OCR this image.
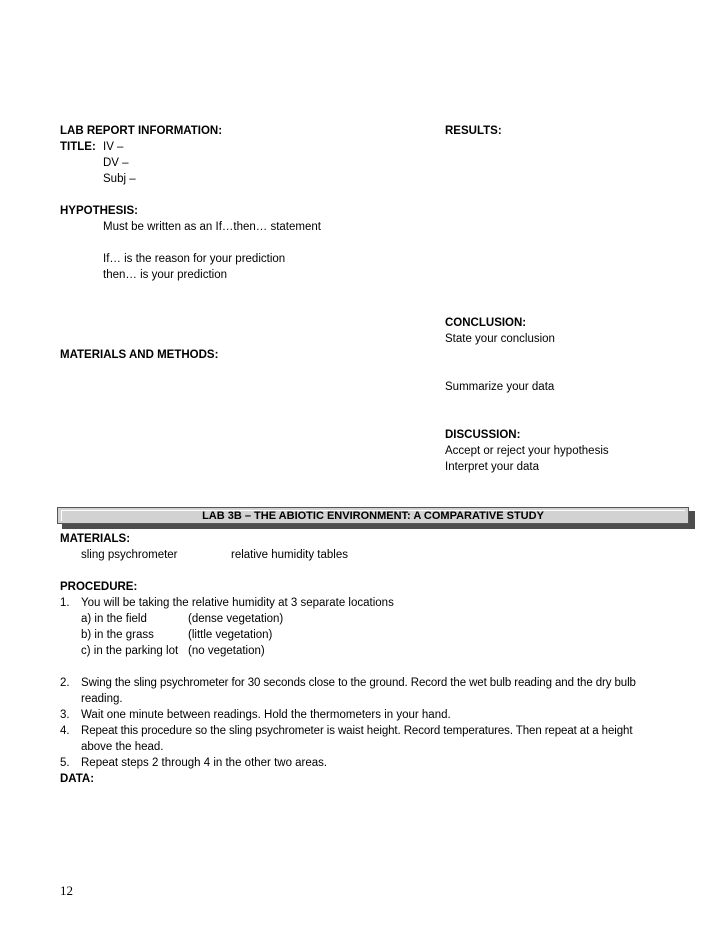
LAB REPORT INFORMATION:
TITLE: IV –
DV –
Subj –
HYPOTHESIS:
Must be written as an If…then… statement
If… is the reason for your prediction
then… is your prediction
MATERIALS AND METHODS:
RESULTS:
CONCLUSION:
State your conclusion
Summarize your data
DISCUSSION:
Accept or reject your hypothesis
Interpret your data
LAB 3B – THE ABIOTIC ENVIRONMENT: A COMPARATIVE STUDY
MATERIALS:
sling psychrometer	relative humidity tables
PROCEDURE:
1. You will be taking the relative humidity at 3 separate locations
a) in the field	(dense vegetation)
b) in the grass	(little vegetation)
c) in the parking lot (no vegetation)
2. Swing the sling psychrometer for 30 seconds close to the ground. Record the wet bulb reading and the dry bulb
reading.
3. Wait one minute between readings. Hold the thermometers in your hand.
4. Repeat this procedure so the sling psychrometer is waist height. Record temperatures. Then repeat at a height
above the head.
5. Repeat steps 2 through 4 in the other two areas.
DATA:
12
